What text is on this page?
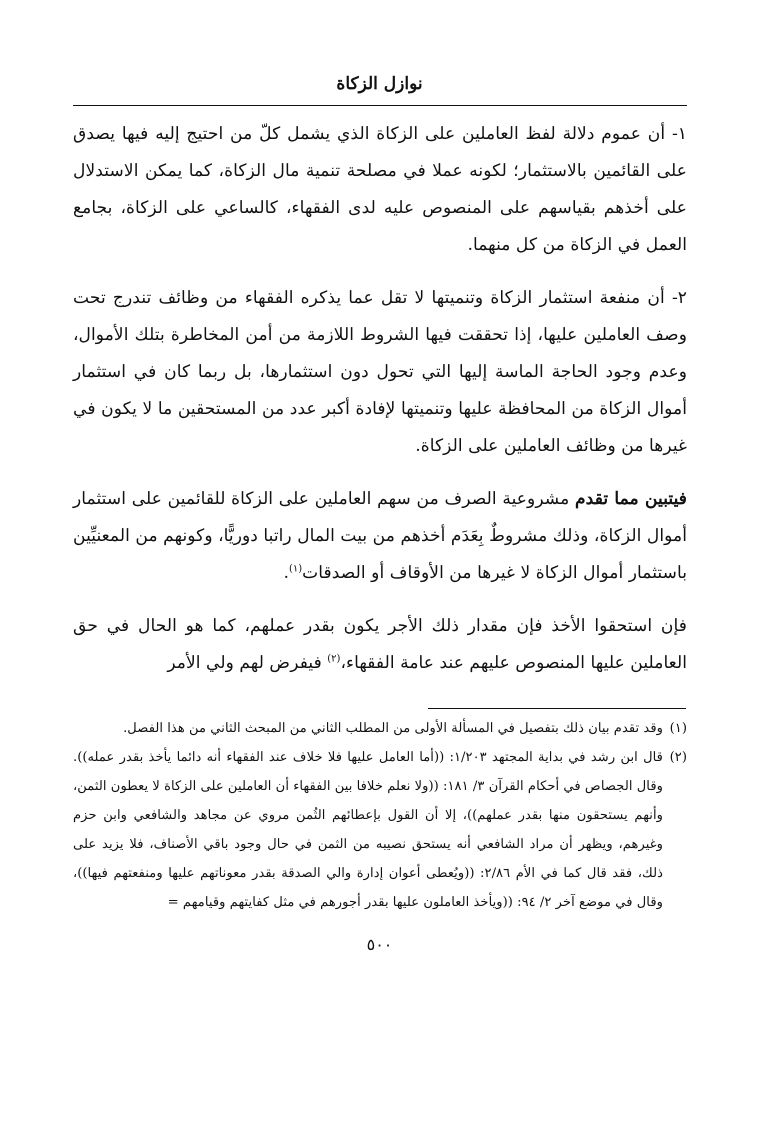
نوازل الزكاة

١- أن عموم دلالة لفظ العاملين على الزكاة الذي يشمل كلّ من احتيج إليه فيها يصدق على القائمين بالاستثمار؛ لكونه عملا في مصلحة تنمية مال الزكاة، كما يمكن الاستدلال على أخذهم بقياسهم على المنصوص عليه لدى الفقهاء، كالساعي على الزكاة، بجامع العمل في الزكاة من كل منهما.

٢- أن منفعة استثمار الزكاة وتنميتها لا تقل عما يذكره الفقهاء من وظائف تندرج تحت وصف العاملين عليها، إذا تحققت فيها الشروط اللازمة من أمن المخاطرة بتلك الأموال، وعدم وجود الحاجة الماسة إليها التي تحول دون استثمارها، بل ربما كان في استثمار أموال الزكاة من المحافظة عليها وتنميتها لإفادة أكبر عدد من المستحقين ما لا يكون في غيرها من وظائف العاملين على الزكاة.

فيتبين مما تقدم مشروعية الصرف من سهم العاملين على الزكاة للقائمين على استثمار أموال الزكاة، وذلك مشروطٌ بِعَدَم أخذهم من بيت المال راتبا دوريًّا، وكونهم من المعنيِّين باستثمار أموال الزكاة لا غيرها من الأوقاف أو الصدقات$^{(١)}$.

فإن استحقوا الأخذ فإن مقدار ذلك الأجر يكون بقدر عملهم، كما هو الحال في حق العاملين عليها المنصوص عليهم عند عامة الفقهاء،$^{(٢)}$ فيفرض لهم ولي الأمر

(١)
وقد تقدم بيان ذلك بتفصيل في المسألة الأولى من المطلب الثاني من المبحث الثاني من هذا الفصل.
(٢)
قال ابن رشد في بداية المجتهد ١/٢٠٣: ((أما العامل عليها فلا خلاف عند الفقهاء أنه دائما يأخذ بقدر عمله)). وقال الجصاص في أحكام القرآن ٣/ ١٨١: ((ولا نعلم خلافا بين الفقهاء أن العاملين على الزكاة لا يعطون الثمن، وأنهم يستحقون منها بقدر عملهم))، إلا أن القول بإعطائهم الثُمن مروي عن مجاهد والشافعي وابن حزم وغيرهم، ويظهر أن مراد الشافعي أنه يستحق نصيبه من الثمن في حال وجود باقي الأصناف، فلا يزيد على ذلك، فقد قال كما في الأم ٢/٨٦: ((ويُعطى أعوان إدارة والي الصدقة بقدر معوناتهم عليها ومنفعتهم فيها))، وقال في موضع آخر ٢/ ٩٤: ((ويأخذ العاملون عليها بقدر أجورهم في مثل كفايتهم وقيامهم =

٥٠٠
